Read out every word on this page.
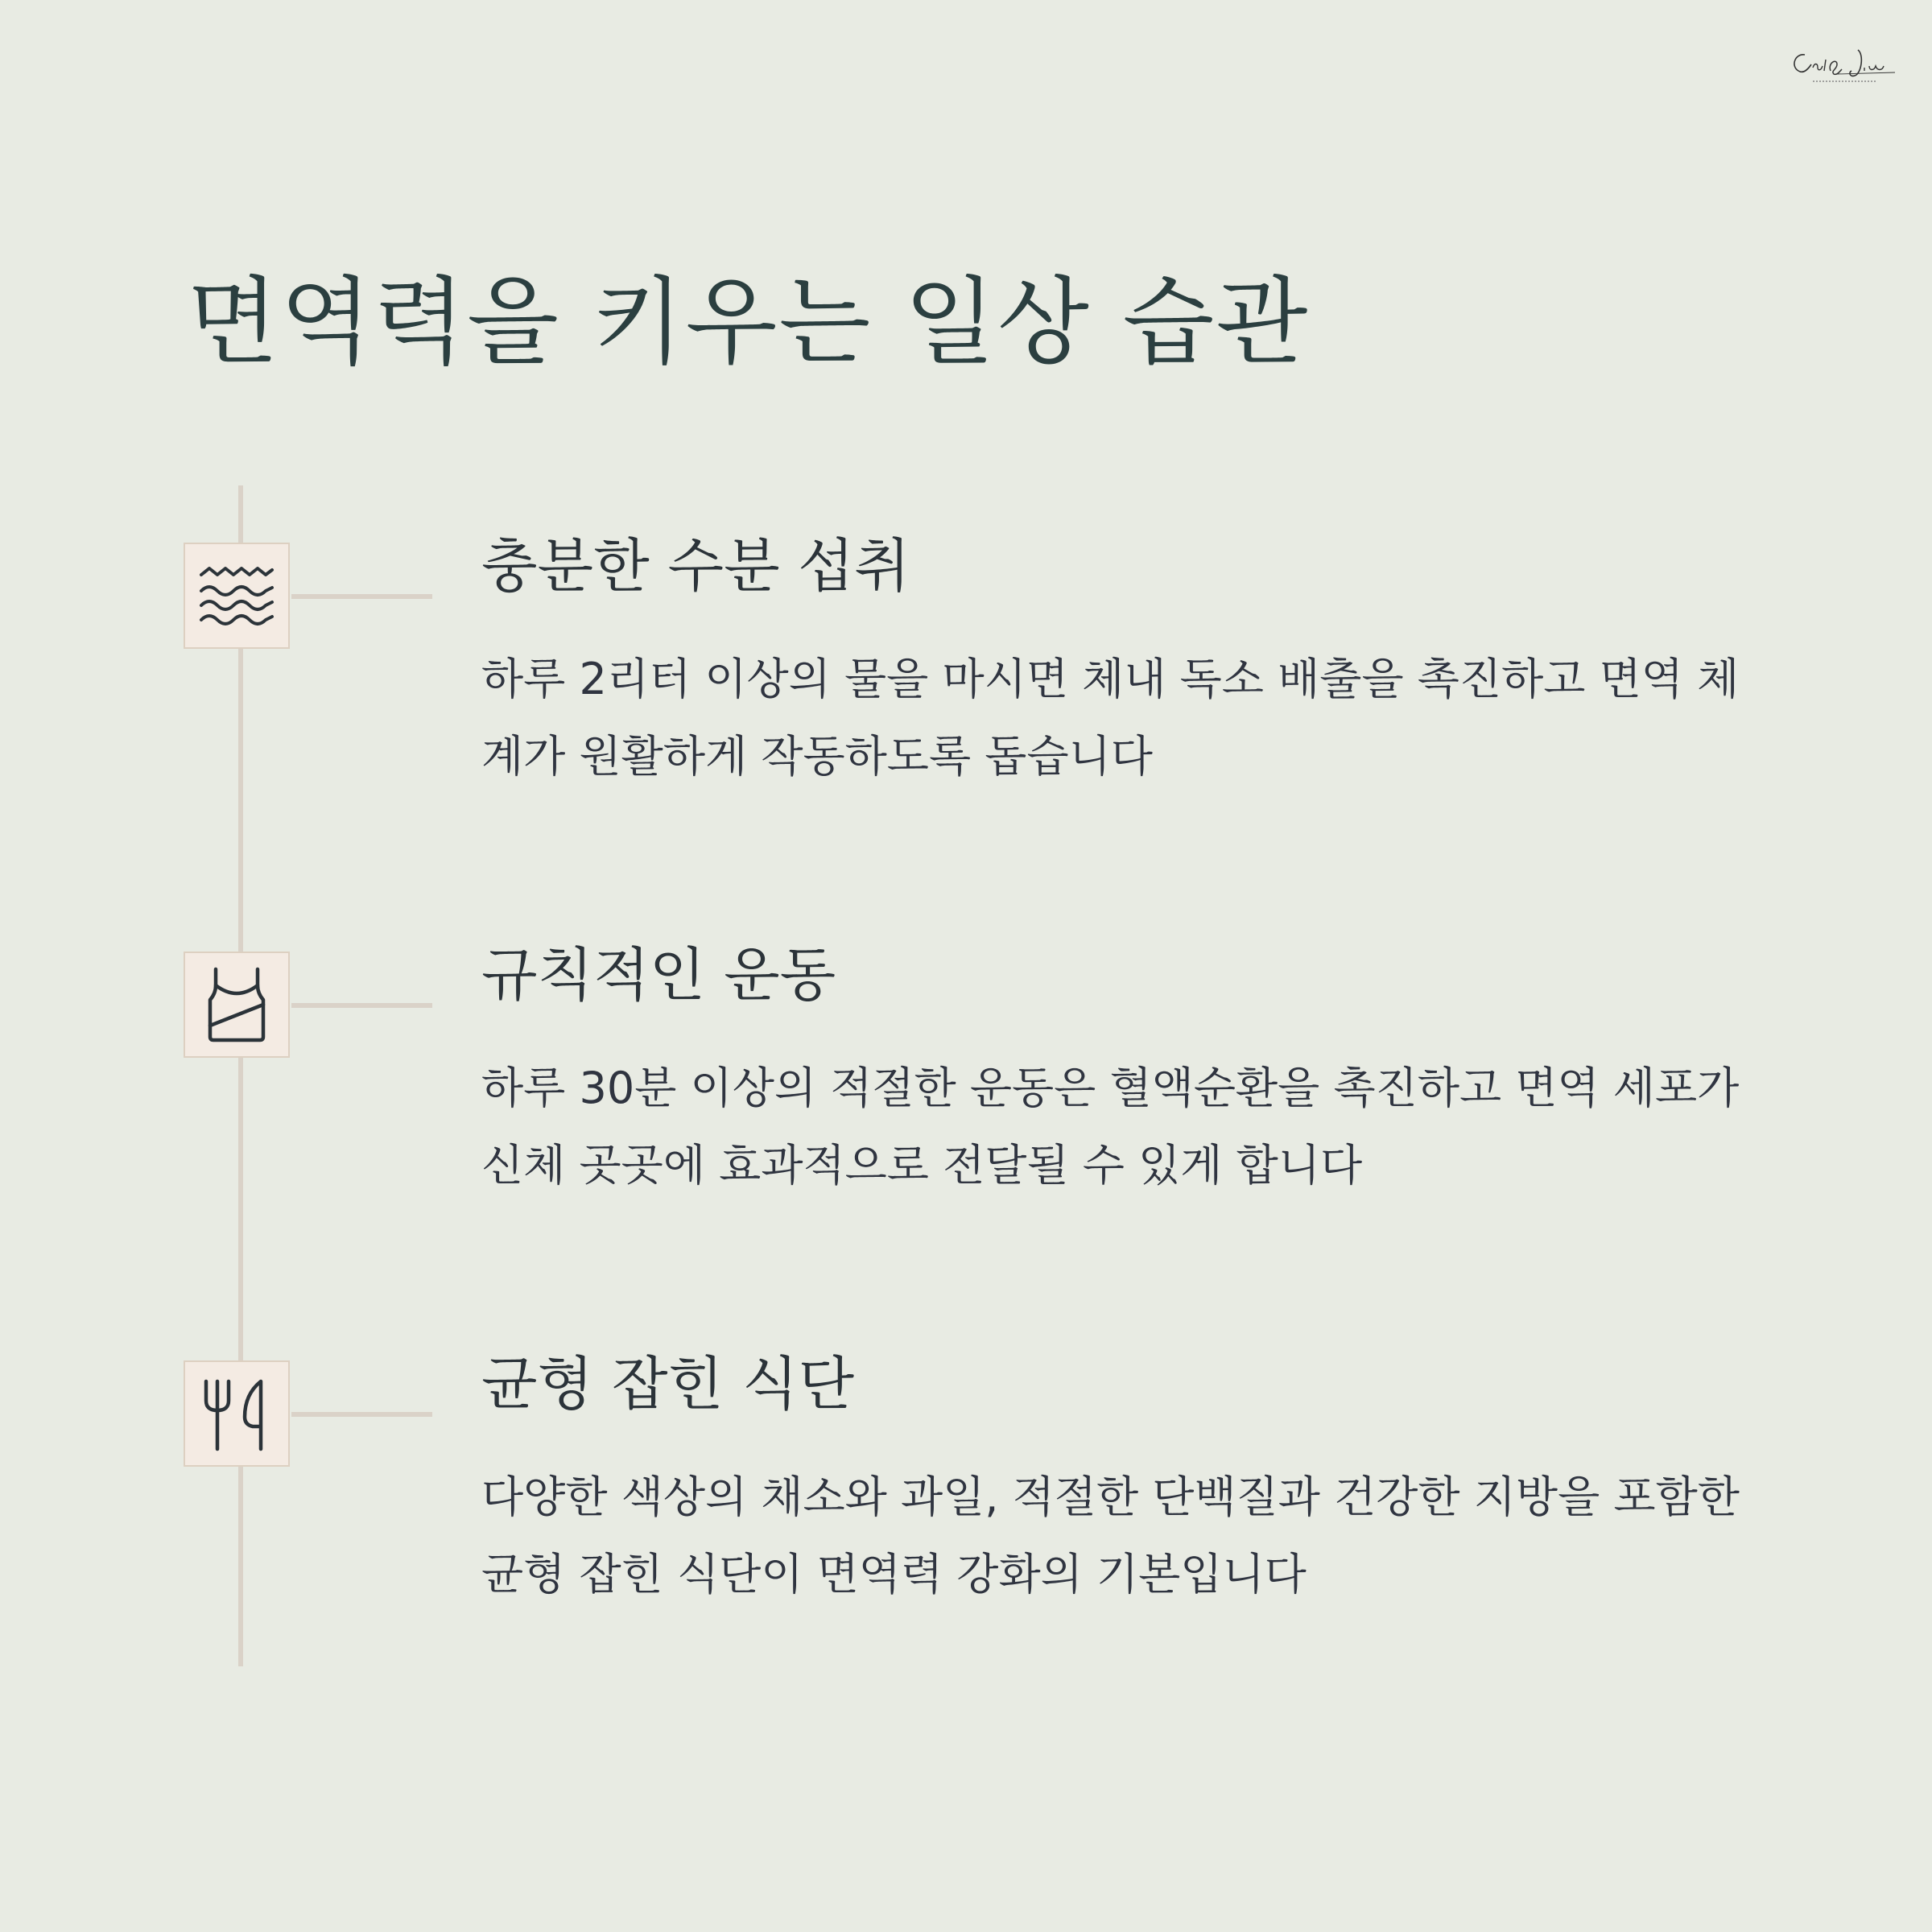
면역력을 키우는 일상 습관
충분한 수분 섭취

하루 2리터 이상의 물을 마시면 체내 독소 배출을 촉진하고 면역 체계가 원활하게 작동하도록 돕습니다

규칙적인 운동

하루 30분 이상의 적절한 운동은 혈액순환을 촉진하고 면역 세포가 신체 곳곳에 효과적으로 전달될 수 있게 합니다

균형 잡힌 식단

다양한 색상의 채소와 과일, 적절한 단백질과 건강한 지방을 포함한 균형 잡힌 식단이 면역력 강화의 기본입니다
